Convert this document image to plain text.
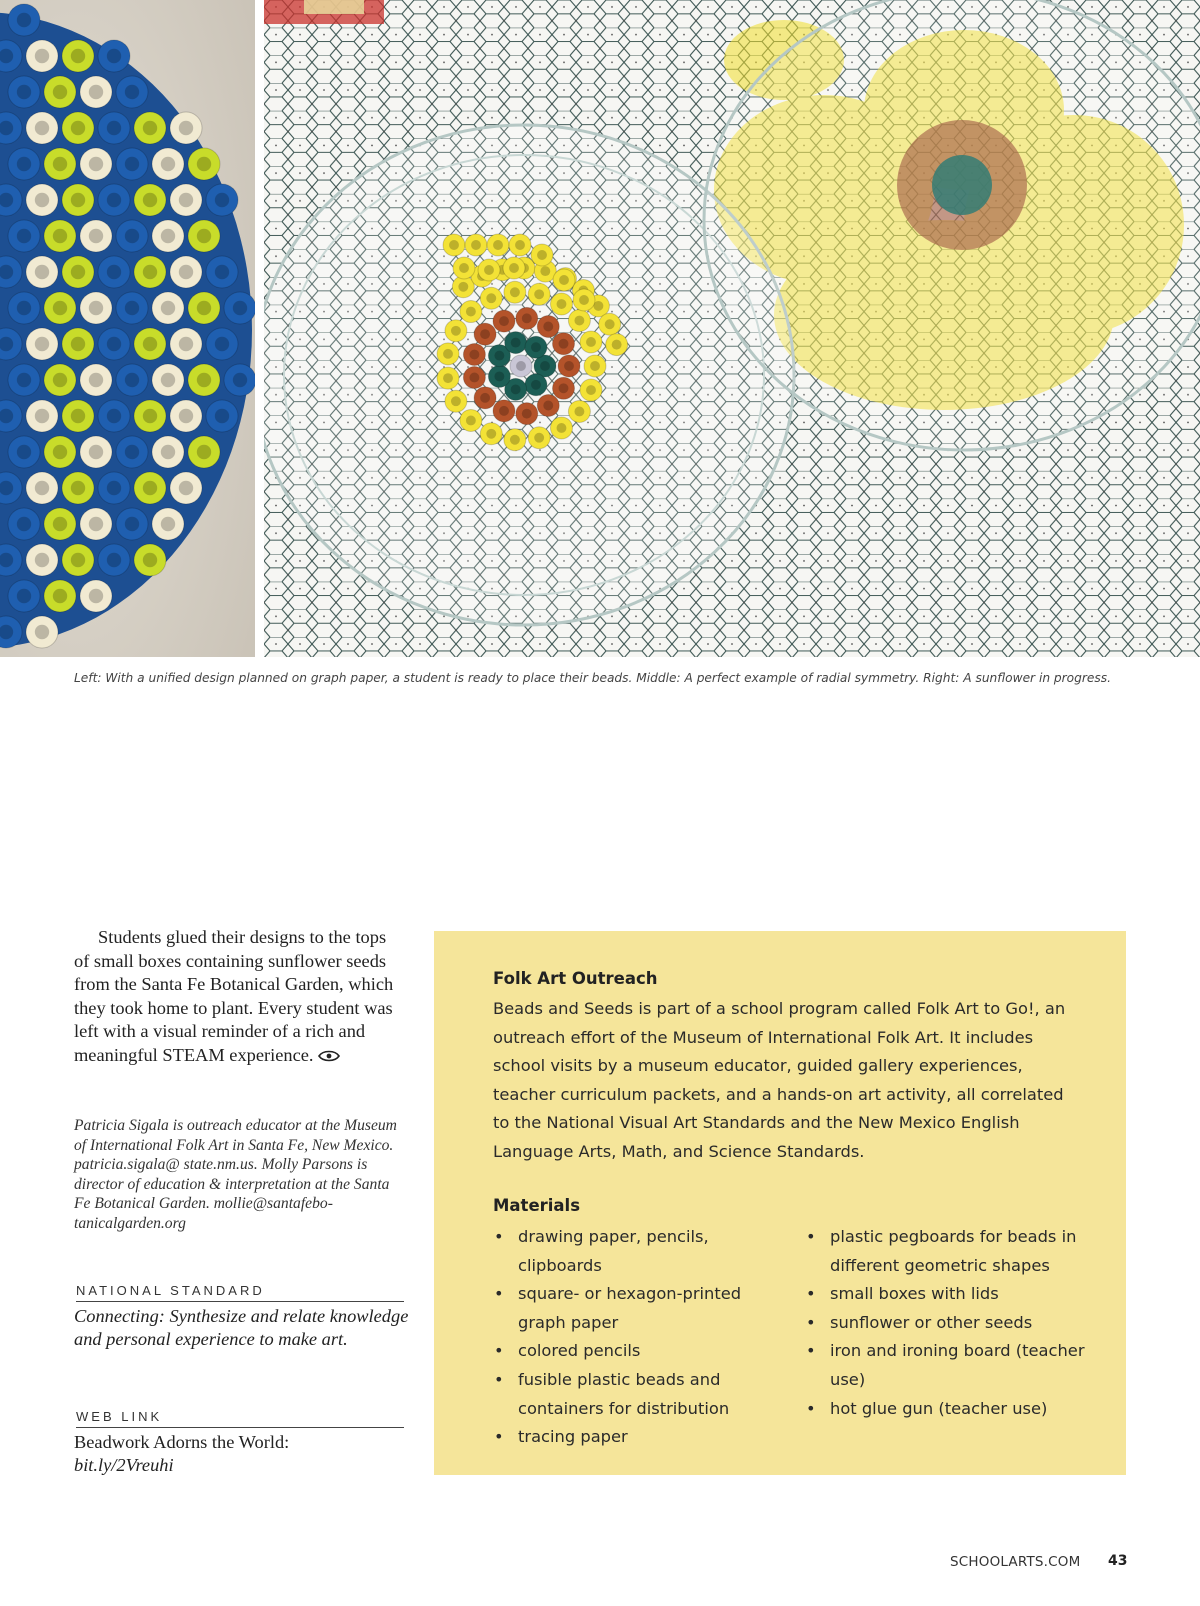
Left: With a unified design planned on graph paper, a student is ready to place their beads. Middle: A perfect example of radial symmetry. Right: A sunflower in progress.

Students glued their designs to the tops of small boxes containing sunflower seeds from the Santa Fe Botanical Garden, which they took home to plant. Every student was left with a visual reminder of a rich and meaningful STEAM experience.

Patricia Sigala is outreach educator at the Museum of International Folk Art in Santa Fe, New Mexico. patricia.sigala@ state.nm.us. Molly Parsons is director of education & interpretation at the Santa Fe Botanical Garden. mollie@santafebo- tanicalgarden.org

NATIONAL STANDARD

Connecting: Synthesize and relate knowledge and personal experience to make art.

WEB LINK

Beadwork Adorns the World:
bit.ly/2Vreuhi

Folk Art Outreach

Beads and Seeds is part of a school program called Folk Art to Go!, an outreach effort of the Museum of International Folk Art. It includes school visits by a museum educator, guided gallery experiences, teacher curriculum packets, and a hands-on art activity, all correlated to the National Visual Art Standards and the New Mexico English Language Arts, Math, and Science Standards.

Materials
• drawing paper, pencils, clipboards
• square- or hexagon-printed graph paper
• colored pencils
• fusible plastic beads and containers for distribution
• tracing paper
• plastic pegboards for beads in different geometric shapes
• small boxes with lids
• sunflower or other seeds
• iron and ironing board (teacher use)
• hot glue gun (teacher use)
SCHOOLARTS.COM 43
